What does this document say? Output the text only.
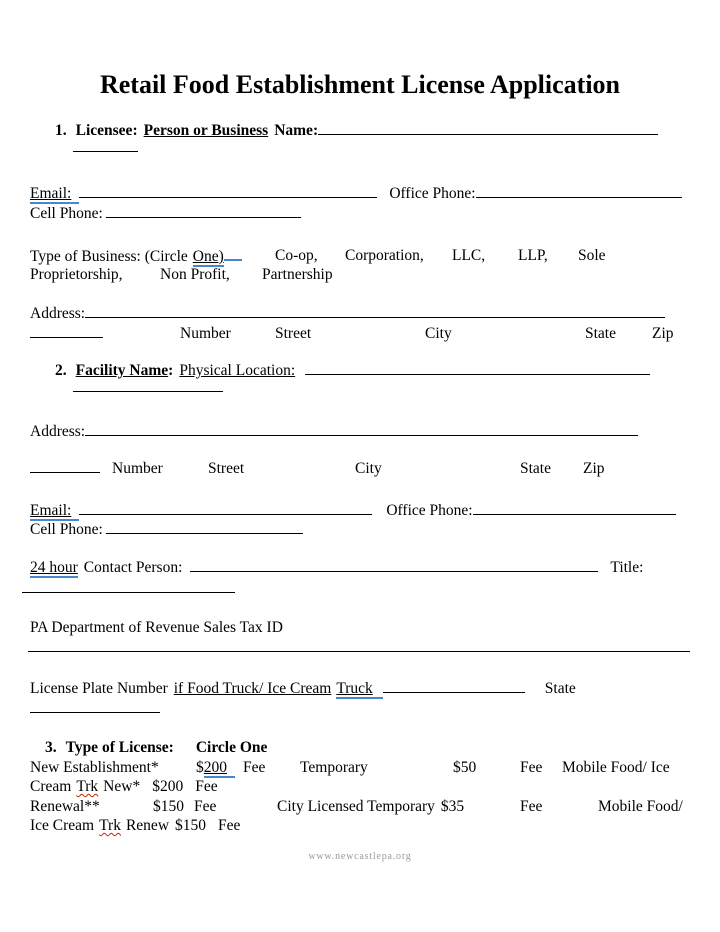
Retail Food Establishment License Application
1. Licensee: Person or Business Name:
Email:	Office Phone:
Cell Phone:
Type of Business: (Circle One)	Co-op, Corporation, LLC, LLP, Sole
Proprietorship, Non Profit, Partnership
Address:
Number	Street	City	State Zip
2. Facility Name: Physical Location:
Address:
Number	Street	City	State Zip
Email:	Office Phone:
Cell Phone:
24 hour Contact Person:	Title:
PA Department of Revenue Sales Tax ID
License Plate Number if Food Truck/ Ice Cream Truck	State
3. Type of License: Circle One
New Establishment* $200 Fee Temporary	$50	Fee Mobile Food/ Ice
Cream Trk New* $200 Fee
Renewal**	$150 Fee	City Licensed Temporary $35	Fee	Mobile Food/
Ice Cream Trk Renew $150 Fee
www.newcastlepa.org
